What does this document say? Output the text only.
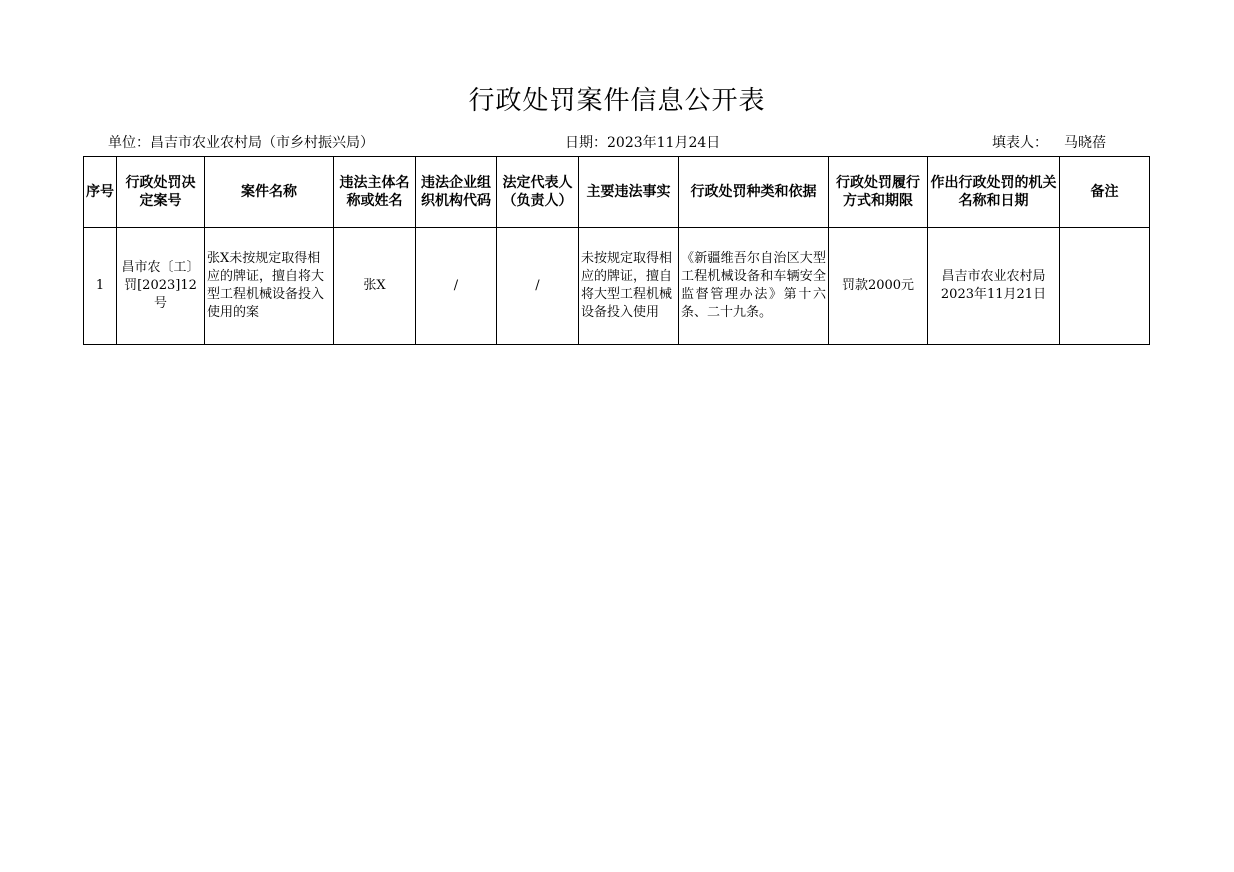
行政处罚案件信息公开表
单位：昌吉市农业农村局（市乡村振兴局）	日期：2023年11月24日	填表人： 马晓蓓
序号	行政处罚决定案号	案件名称	违法主体名称或姓名	违法企业组织机构代码	法定代表人（负责人）	主要违法事实	行政处罚种类和依据	行政处罚履行方式和期限	作出行政处罚的机关名称和日期	备注
1	昌市农〔工〕罚[2023]12号	张X未按规定取得相应的牌证，擅自将大型工程机械设备投入使用的案	张X	/	/	未按规定取得相应的牌证，擅自将大型工程机械设备投入使用	《新疆维吾尔自治区大型工程机械设备和车辆安全监督管理办法》第十六条、二十九条。	罚款2000元	昌吉市农业农村局2023年11月21日	
